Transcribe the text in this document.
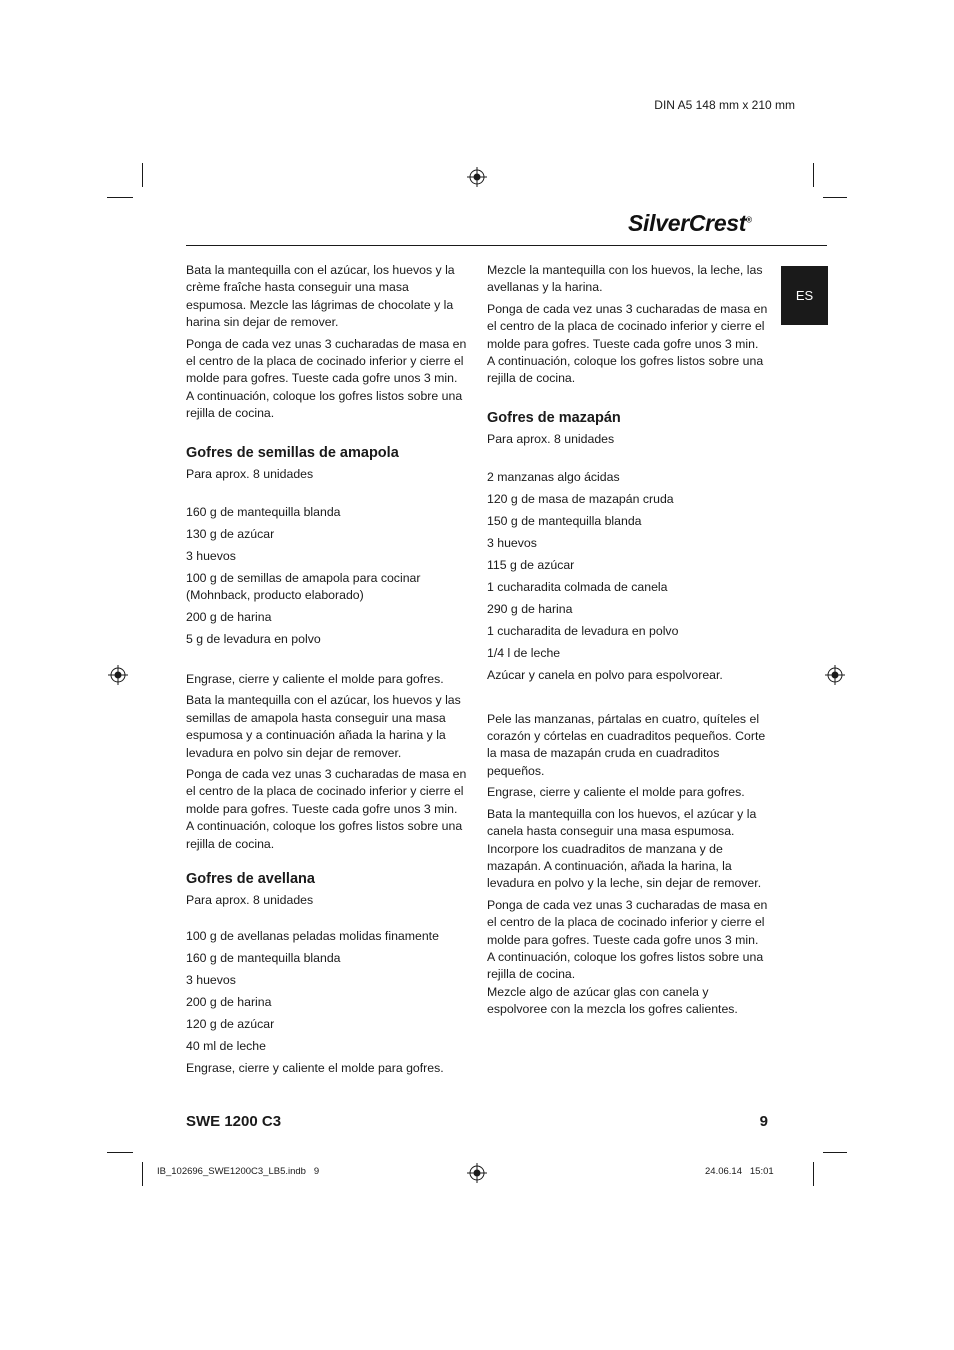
DIN A5 148 mm x 210 mm
SilverCrest®
ES

Bata la mantequilla con el azúcar, los huevos y la crème fraîche hasta conseguir una masa espumosa. Mezcle las lágrimas de chocolate y la harina sin dejar de remover.

Ponga de cada vez unas 3 cucharadas de masa en el centro de la placa de cocinado inferior y cierre el molde para gofres. Tueste cada gofre unos 3 min.

A continuación, coloque los gofres listos sobre una rejilla de cocina.

Gofres de semillas de amapola

Para aprox. 8 unidades

160 g de mantequilla blanda

130 g de azúcar

3 huevos

100 g de semillas de amapola para cocinar (Mohnback, producto elaborado)

200 g de harina

5 g de levadura en polvo

Engrase, cierre y caliente el molde para gofres.

Bata la mantequilla con el azúcar, los huevos y las semillas de amapola hasta conseguir una masa espumosa y a continuación añada la harina y la levadura en polvo sin dejar de remover.

Ponga de cada vez unas 3 cucharadas de masa en el centro de la placa de cocinado inferior y cierre el molde para gofres. Tueste cada gofre unos 3 min.

A continuación, coloque los gofres listos sobre una rejilla de cocina.

Gofres de avellana

Para aprox. 8 unidades

100 g de avellanas peladas molidas finamente

160 g de mantequilla blanda

3 huevos

200 g de harina

120 g de azúcar

40 ml de leche

Engrase, cierre y caliente el molde para gofres.

Mezcle la mantequilla con los huevos, la leche, las avellanas y la harina.

Ponga de cada vez unas 3 cucharadas de masa en el centro de la placa de cocinado inferior y cierre el molde para gofres. Tueste cada gofre unos 3 min.

A continuación, coloque los gofres listos sobre una rejilla de cocina.

Gofres de mazapán

Para aprox. 8 unidades

2 manzanas algo ácidas

120 g de masa de mazapán cruda

150 g de mantequilla blanda

3 huevos

115 g de azúcar

1 cucharadita colmada de canela

290 g de harina

1 cucharadita de levadura en polvo

1/4 l de leche

Azúcar y canela en polvo para espolvorear.

Pele las manzanas, pártalas en cuatro, quíteles el corazón y córtelas en cuadraditos pequeños. Corte la masa de mazapán cruda en cuadraditos pequeños.

Engrase, cierre y caliente el molde para gofres.

Bata la mantequilla con los huevos, el azúcar y la canela hasta conseguir una masa espumosa. Incorpore los cuadraditos de manzana y de mazapán. A continuación, añada la harina, la levadura en polvo y la leche, sin dejar de remover.

Ponga de cada vez unas 3 cucharadas de masa en el centro de la placa de cocinado inferior y cierre el molde para gofres. Tueste cada gofre unos 3 min.

A continuación, coloque los gofres listos sobre una rejilla de cocina.

Mezcle algo de azúcar glas con canela y espolvoree con la mezcla los gofres calientes.

SWE 1200 C3	9
IB_102696_SWE1200C3_LB5.indb   9	24.06.14   15:01
